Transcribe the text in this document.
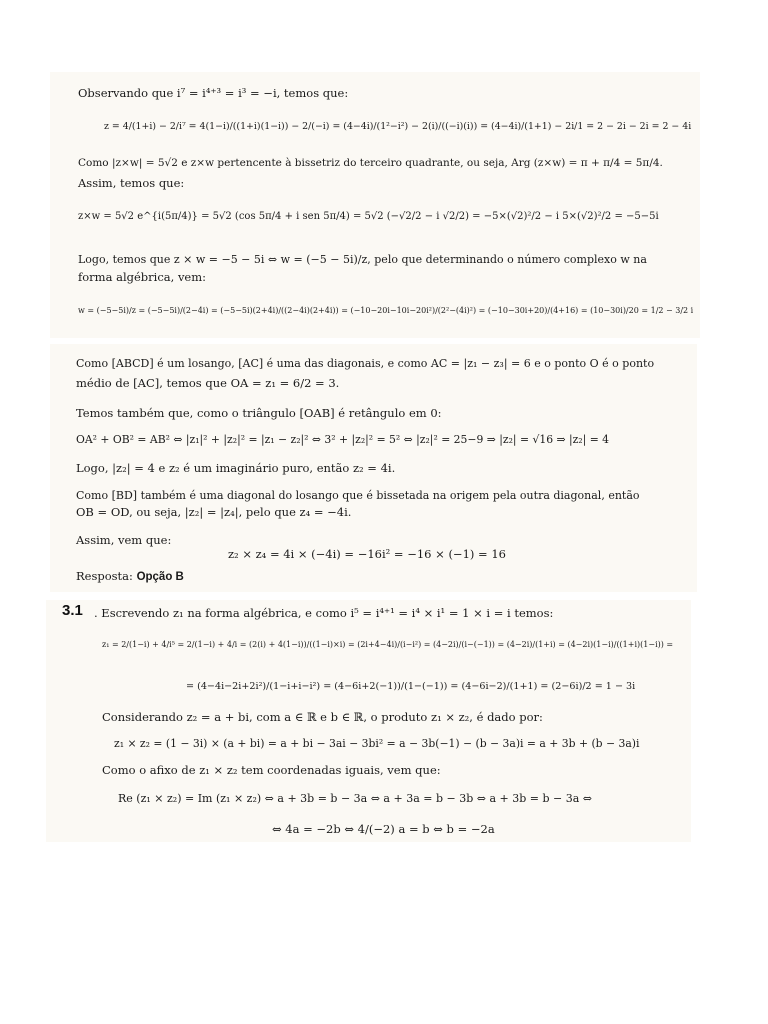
Observando que i⁷ = i⁴⁺³ = i³ = −i, temos que:
z = 4/(1+i) − 2/i⁷ = 4(1−i)/((1+i)(1−i)) − 2/(−i) = (4−4i)/(1²−i²) − 2(i)/((−i)(i)) = (4−4i)/(1+1) − 2i/1 = 2 − 2i − 2i = 2 − 4i
Como |z×w| = 5√2 e z×w pertencente à bissetriz do terceiro quadrante, ou seja, Arg (z×w) = π + π/4 = 5π/4.
Assim, temos que:
z×w = 5√2 e^{i(5π/4)} = 5√2 (cos 5π/4 + i sen 5π/4) = 5√2 (−√2/2 − i √2/2) = −5×(√2)²/2 − i 5×(√2)²/2 = −5−5i
Logo, temos que z × w = −5 − 5i ⇔ w = (−5 − 5i)/z, pelo que determinando o número complexo w na
forma algébrica, vem:
w = (−5−5i)/z = (−5−5i)/(2−4i) = (−5−5i)(2+4i)/((2−4i)(2+4i)) = (−10−20i−10i−20i²)/(2²−(4i)²) = (−10−30i+20)/(4+16) = (10−30i)/20 = 1/2 − 3/2 i
Como [ABCD] é um losango, [AC] é uma das diagonais, e como AC = |z₁ − z₃| = 6 e o ponto O é o ponto
médio de [AC], temos que OA = z₁ = 6/2 = 3.
Temos também que, como o triângulo [OAB] é retângulo em 0:
OA² + OB² = AB² ⇔ |z₁|² + |z₂|² = |z₁ − z₂|² ⇔ 3² + |z₂|² = 5² ⇔ |z₂|² = 25−9 ⇒ |z₂| = √16 ⇒ |z₂| = 4
Logo, |z₂| = 4 e z₂ é um imaginário puro, então z₂ = 4i.
Como [BD] também é uma diagonal do losango que é bissetada na origem pela outra diagonal, então
OB = OD, ou seja, |z₂| = |z₄|, pelo que z₄ = −4i.
Assim, vem que:
z₂ × z₄ = 4i × (−4i) = −16i² = −16 × (−1) = 16
Resposta: Opção B
3.1 . Escrevendo z₁ na forma algébrica, e como i⁵ = i⁴⁺¹ = i⁴ × i¹ = 1 × i = i temos:
z₁ = 2/(1−i) + 4/i⁵ = 2/(1−i) + 4/i = (2(i) + 4(1−i))/((1−i)×i) = (2i+4−4i)/(i−i²) = (4−2i)/(i−(−1)) = (4−2i)/(1+i) = (4−2i)(1−i)/((1+i)(1−i)) =
= (4−4i−2i+2i²)/(1−i+i−i²) = (4−6i+2(−1))/(1−(−1)) = (4−6i−2)/(1+1) = (2−6i)/2 = 1 − 3i
Considerando z₂ = a + bi, com a ∈ ℝ e b ∈ ℝ, o produto z₁ × z₂, é dado por:
z₁ × z₂ = (1 − 3i) × (a + bi) = a + bi − 3ai − 3bi² = a − 3b(−1) − (b − 3a)i = a + 3b + (b − 3a)i
Como o afixo de z₁ × z₂ tem coordenadas iguais, vem que:
Re (z₁ × z₂) = Im (z₁ × z₂) ⇔ a + 3b = b − 3a ⇔ a + 3a = b − 3b ⇔ a + 3b = b − 3a ⇔
⇔ 4a = −2b ⇔ 4/(−2) a = b ⇔ b = −2a
